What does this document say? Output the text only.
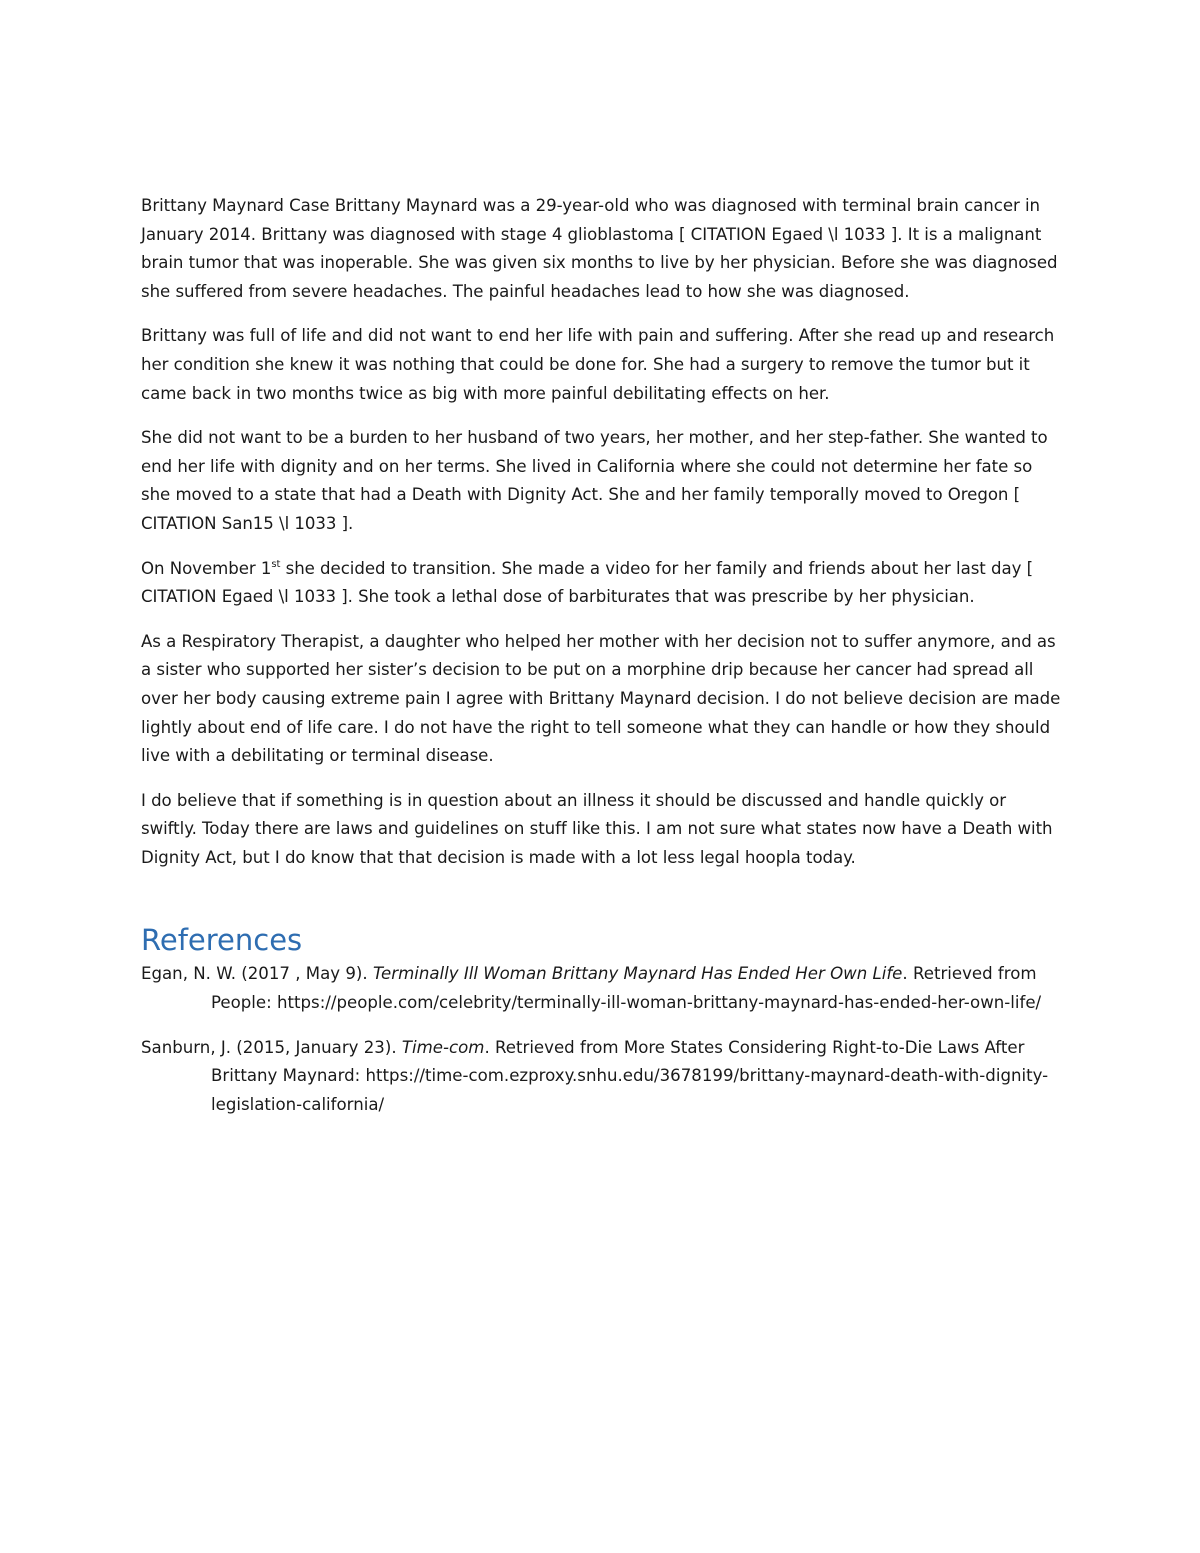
Brittany Maynard Case Brittany Maynard was a 29-year-old who was diagnosed with terminal brain cancer in January 2014. Brittany was diagnosed with stage 4 glioblastoma [ CITATION Egaed \l 1033 ]. It is a malignant brain tumor that was inoperable. She was given six months to live by her physician. Before she was diagnosed she suffered from severe headaches. The painful headaches lead to how she was diagnosed.

Brittany was full of life and did not want to end her life with pain and suffering. After she read up and research her condition she knew it was nothing that could be done for. She had a surgery to remove the tumor but it came back in two months twice as big with more painful debilitating effects on her.

She did not want to be a burden to her husband of two years, her mother, and her step-father. She wanted to end her life with dignity and on her terms. She lived in California where she could not determine her fate so she moved to a state that had a Death with Dignity Act. She and her family temporally moved to Oregon [ CITATION San15 \l 1033 ].

On November 1st she decided to transition. She made a video for her family and friends about her last day [ CITATION Egaed \l 1033 ]. She took a lethal dose of barbiturates that was prescribe by her physician.

As a Respiratory Therapist, a daughter who helped her mother with her decision not to suffer anymore, and as a sister who supported her sister’s decision to be put on a morphine drip because her cancer had spread all over her body causing extreme pain I agree with Brittany Maynard decision. I do not believe decision are made lightly about end of life care. I do not have the right to tell someone what they can handle or how they should live with a debilitating or terminal disease.

I do believe that if something is in question about an illness it should be discussed and handle quickly or swiftly. Today there are laws and guidelines on stuff like this. I am not sure what states now have a Death with Dignity Act, but I do know that that decision is made with a lot less legal hoopla today.

References
Egan, N. W. (2017 , May 9). Terminally Ill Woman Brittany Maynard Has Ended Her Own Life. Retrieved from People: https://people.com/celebrity/terminally-ill-woman-brittany-maynard-has-ended-her-own-life/
Sanburn, J. (2015, January 23). Time-com. Retrieved from More States Considering Right-to-Die Laws After Brittany Maynard: https://time-com.ezproxy.snhu.edu/3678199/brittany-maynard-death-with-dignity-legislation-california/
